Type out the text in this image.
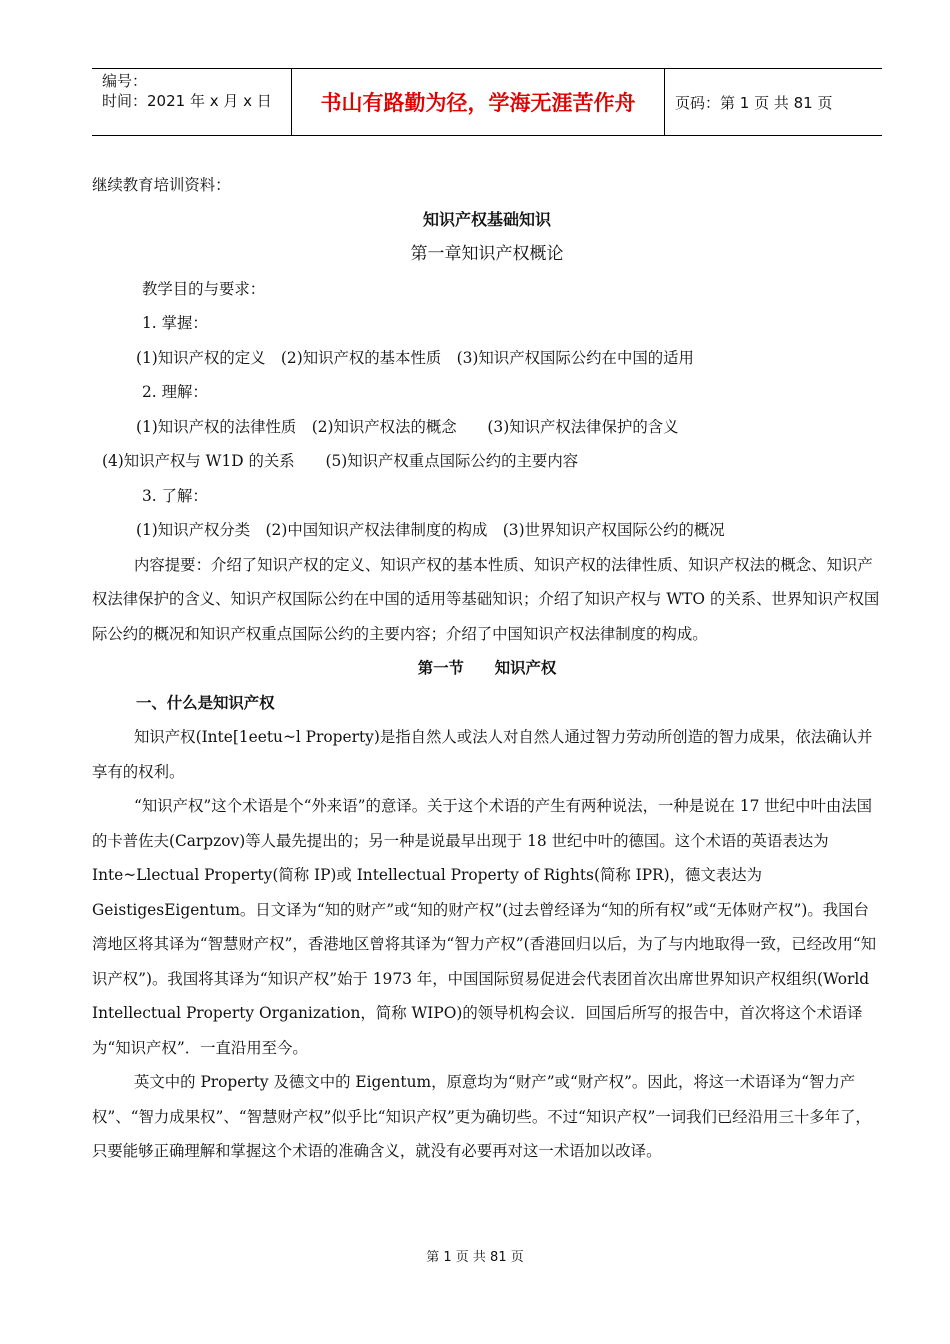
编号：
时间：2021 年 x 月 x 日	书山有路勤为径，学海无涯苦作舟	页码：第 1 页 共 81 页

继续教育培训资料：

知识产权基础知识

第一章知识产权概论

教学目的与要求：

1. 掌握：

(1)知识产权的定义　(2)知识产权的基本性质　(3)知识产权国际公约在中国的适用

2. 理解：

(1)知识产权的法律性质　(2)知识产权法的概念　　(3)知识产权法律保护的含义

(4)知识产权与 W1D 的关系　　(5)知识产权重点国际公约的主要内容

3. 了解：

(1)知识产权分类　(2)中国知识产权法律制度的构成　(3)世界知识产权国际公约的概况

内容提要：介绍了知识产权的定义、知识产权的基本性质、知识产权的法律性质、知识产权法的概念、知识产权法律保护的含义、知识产权国际公约在中国的适用等基础知识；介绍了知识产权与 WTO 的关系、世界知识产权国际公约的概况和知识产权重点国际公约的主要内容；介绍了中国知识产权法律制度的构成。

第一节　　知识产权

一、什么是知识产权

知识产权(Inte[1eetu~l Property)是指自然人或法人对自然人通过智力劳动所创造的智力成果，依法确认并享有的权利。

“知识产权”这个术语是个“外来语”的意译。关于这个术语的产生有两种说法，一种是说在 17 世纪中叶由法国的卡普佐夫(Carpzov)等人最先提出的；另一种是说最早出现于 18 世纪中叶的德国。这个术语的英语表达为 Inte~Llectual Property(简称 IP)或 Intellectual Property of Rights(简称 IPR)，德文表达为 GeistigesEigentum。日文译为“知的财产”或“知的财产权”(过去曾经译为“知的所有权”或“无体财产权”)。我国台湾地区将其译为“智慧财产权”，香港地区曾将其译为“智力产权”(香港回归以后，为了与内地取得一致，已经改用“知识产权”)。我国将其译为“知识产权”始于 1973 年，中国国际贸易促进会代表团首次出席世界知识产权组织(World Intellectual Property Organization，简称 WIPO)的领导机构会议．回国后所写的报告中，首次将这个术语译为“知识产权”．一直沿用至今。

英文中的 Property 及德文中的 Eigentum，原意均为“财产”或“财产权”。因此，将这一术语译为“智力产权”、“智力成果权”、“智慧财产权”似乎比“知识产权”更为确切些。不过“知识产权”一词我们已经沿用三十多年了，只要能够正确理解和掌握这个术语的准确含义，就没有必要再对这一术语加以改译。

第 1 页 共 81 页
